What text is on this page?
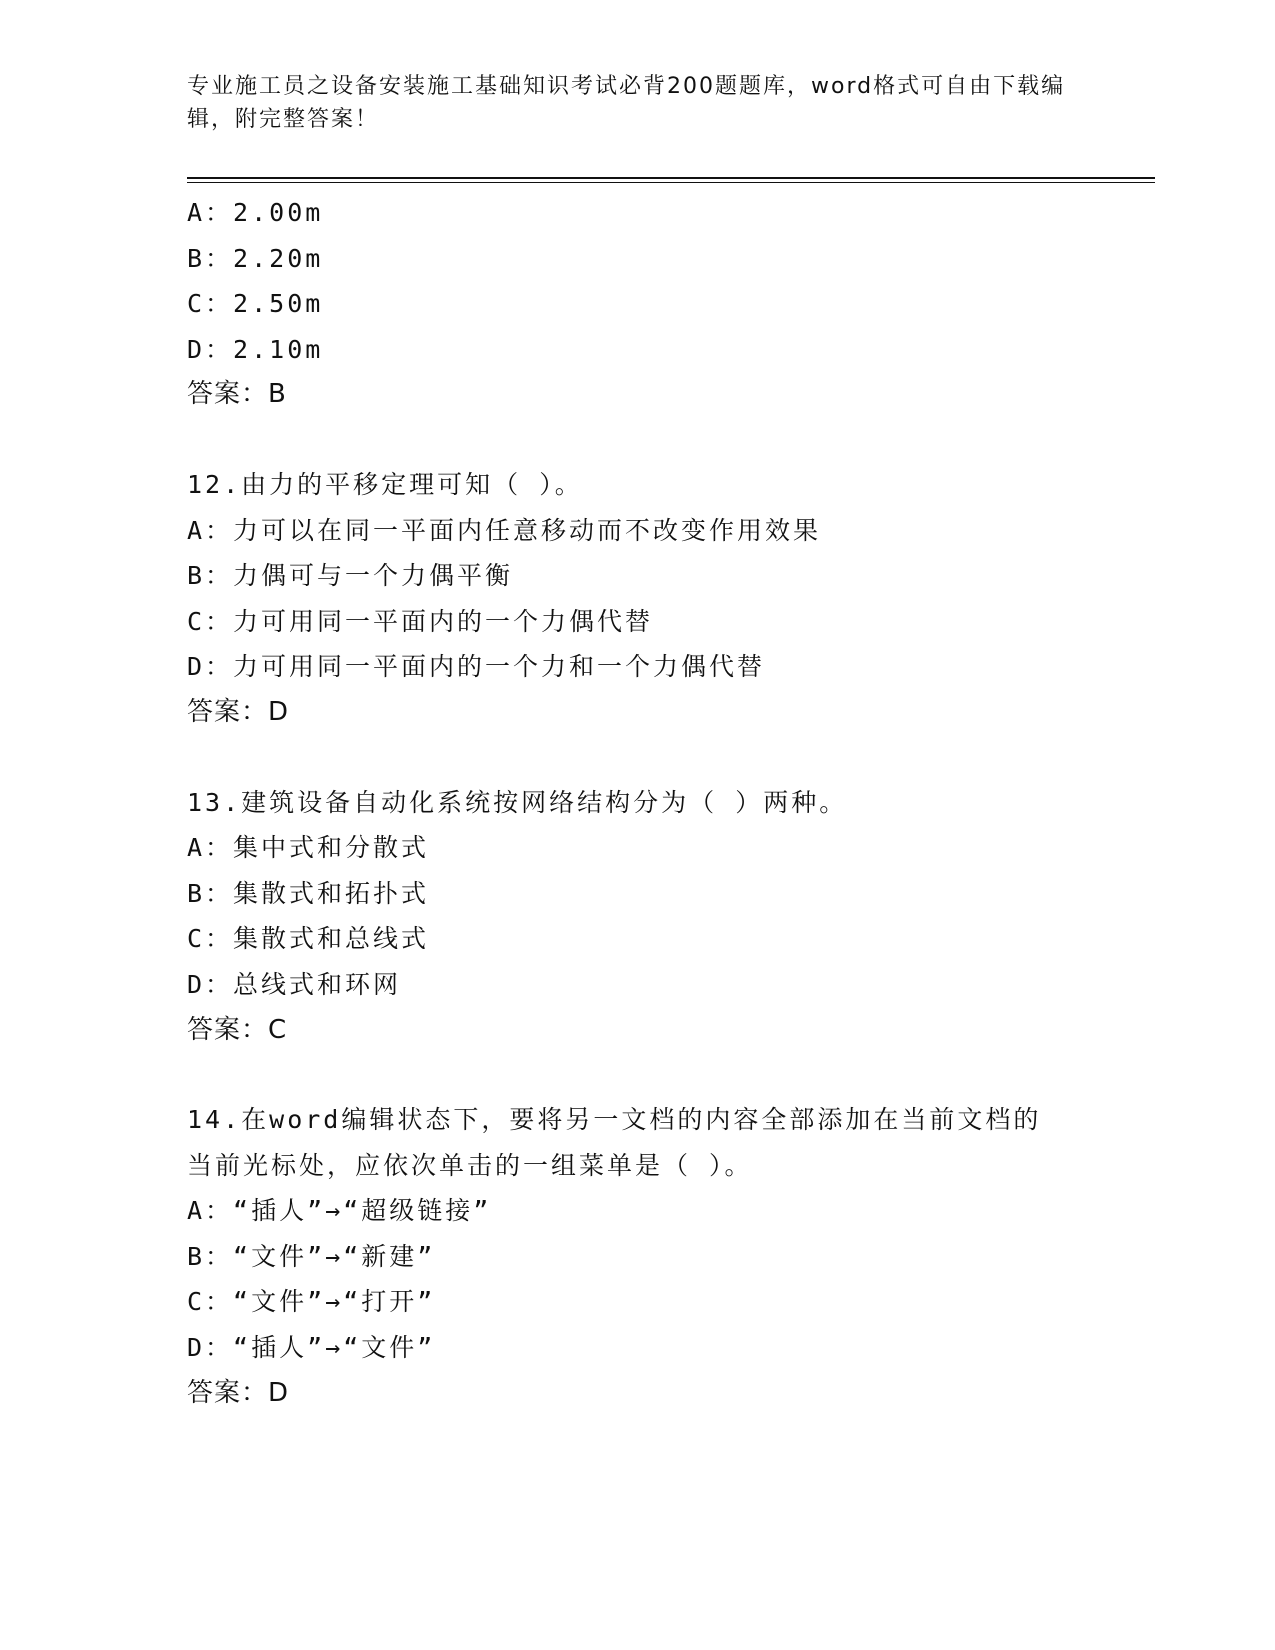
专业施工员之设备安装施工基础知识考试必背200题题库，word格式可自由下载编辑，附完整答案！
A：2.00m
B：2.20m
C：2.50m
D：2.10m
答案：B
12.由力的平移定理可知（ ）。
A：力可以在同一平面内任意移动而不改变作用效果
B：力偶可与一个力偶平衡
C：力可用同一平面内的一个力偶代替
D：力可用同一平面内的一个力和一个力偶代替
答案：D
13.建筑设备自动化系统按网络结构分为（ ）两种。
A：集中式和分散式
B：集散式和拓扑式
C：集散式和总线式
D：总线式和环网
答案：C
14.在word编辑状态下，要将另一文档的内容全部添加在当前文档的
当前光标处，应依次单击的一组菜单是（ ）。
A：“插人”→“超级链接”
B：“文件”→“新建”
C：“文件”→“打开”
D：“插人”→“文件”
答案：D
